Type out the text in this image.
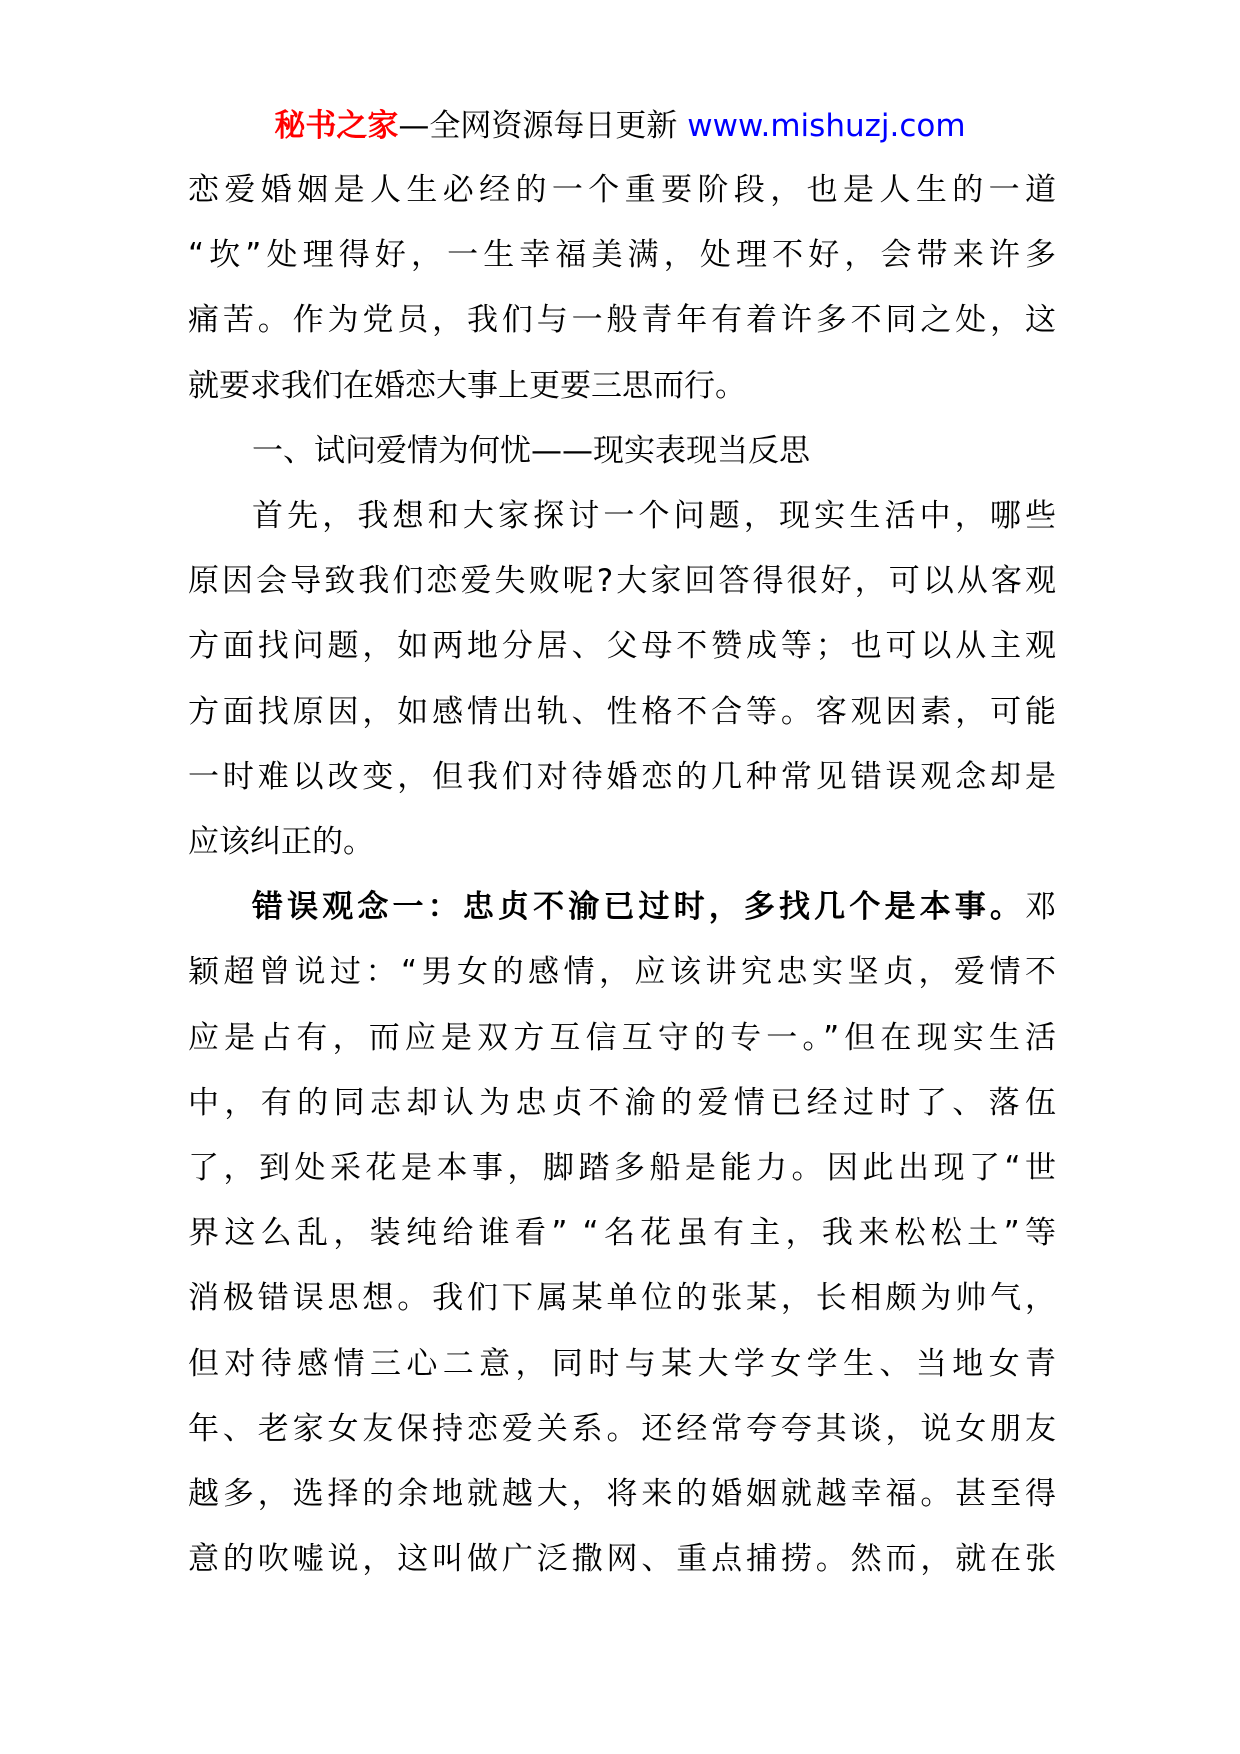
秘书之家—全网资源每日更新 www.mishuzj.com

恋爱婚姻是人生必经的一个重要阶段，也是人生的一道
“坎”处理得好，一生幸福美满，处理不好，会带来许多
痛苦。作为党员，我们与一般青年有着许多不同之处，这
就要求我们在婚恋大事上更要三思而行。

一、试问爱情为何忧——现实表现当反思

首先，我想和大家探讨一个问题，现实生活中，哪些
原因会导致我们恋爱失败呢?大家回答得很好，可以从客观
方面找问题，如两地分居、父母不赞成等；也可以从主观
方面找原因，如感情出轨、性格不合等。客观因素，可能
一时难以改变，但我们对待婚恋的几种常见错误观念却是
应该纠正的。

错误观念一：忠贞不渝已过时，多找几个是本事。邓
颖超曾说过：“男女的感情，应该讲究忠实坚贞，爱情不
应是占有，而应是双方互信互守的专一。”但在现实生活
中，有的同志却认为忠贞不渝的爱情已经过时了、落伍
了，到处采花是本事，脚踏多船是能力。因此出现了“世
界这么乱，装纯给谁看” “名花虽有主，我来松松土”等
消极错误思想。我们下属某单位的张某，长相颇为帅气，
但对待感情三心二意，同时与某大学女学生、当地女青
年、老家女友保持恋爱关系。还经常夸夸其谈，说女朋友
越多，选择的余地就越大，将来的婚姻就越幸福。甚至得
意的吹嘘说，这叫做广泛撒网、重点捕捞。然而，就在张
